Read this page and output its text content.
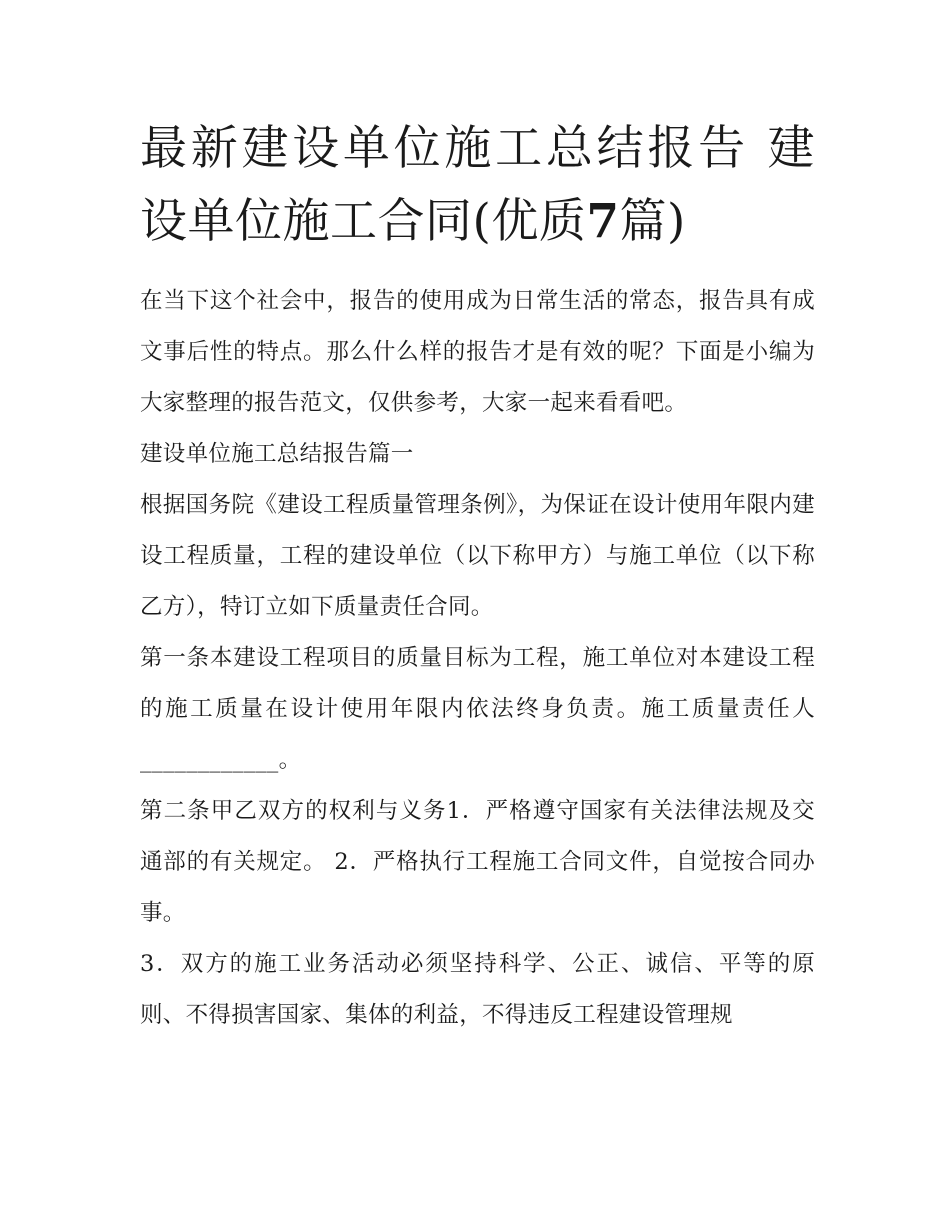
最新建设单位施工总结报告 建设单位施工合同(优质7篇)

在当下这个社会中，报告的使用成为日常生活的常态，报告具有成文事后性的特点。那么什么样的报告才是有效的呢？下面是小编为大家整理的报告范文，仅供参考，大家一起来看看吧。

建设单位施工总结报告篇一

根据国务院《建设工程质量管理条例》，为保证在设计使用年限内建设工程质量，工程的建设单位（以下称甲方）与施工单位（以下称乙方），特订立如下质量责任合同。

第一条本建设工程项目的质量目标为工程，施工单位对本建设工程的施工质量在设计使用年限内依法终身负责。施工质量责任人____________。

第二条甲乙双方的权利与义务1．严格遵守国家有关法律法规及交通部的有关规定。 2．严格执行工程施工合同文件，自觉按合同办事。

3．双方的施工业务活动必须坚持科学、公正、诚信、平等的原则、不得损害国家、集体的利益，不得违反工程建设管理规
